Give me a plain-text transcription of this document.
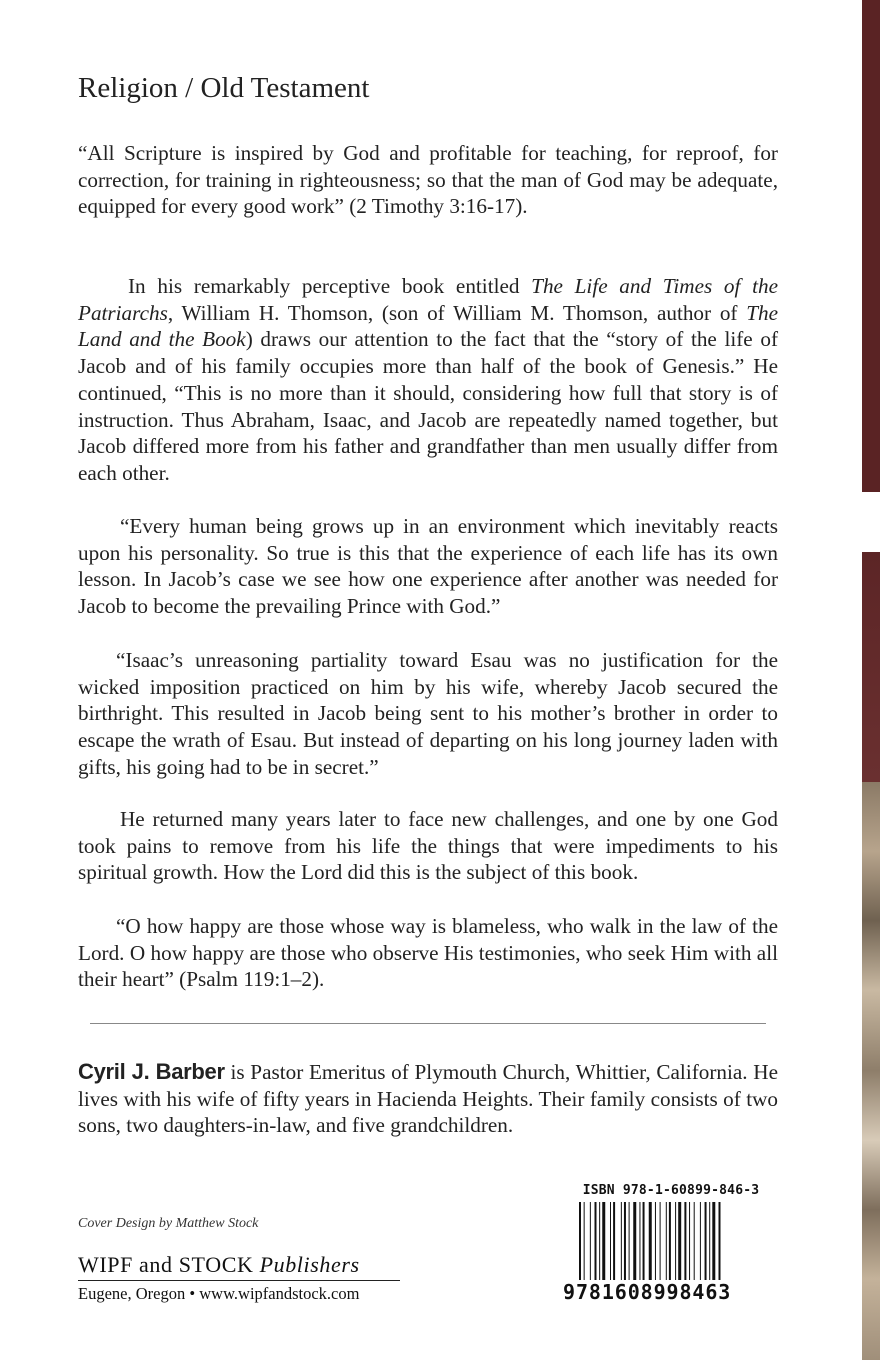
Religion / Old Testament

“All Scripture is inspired by God and profitable for teaching, for reproof, for correction, for training in righteousness; so that the man of God may be adequate, equipped for every good work” (2 Timothy 3:16-17).

In his remarkably perceptive book entitled The Life and Times of the Patriarchs, William H. Thomson, (son of William M. Thomson, author of The Land and the Book) draws our attention to the fact that the “story of the life of Jacob and of his family occupies more than half of the book of Genesis.” He continued, “This is no more than it should, considering how full that story is of instruction. Thus Abraham, Isaac, and Jacob are repeatedly named together, but Jacob differed more from his father and grandfather than men usually differ from each other.

“Every human being grows up in an environment which inevitably reacts upon his personality. So true is this that the experience of each life has its own lesson. In Jacob’s case we see how one experience after another was needed for Jacob to become the prevailing Prince with God.”

“Isaac’s unreasoning partiality toward Esau was no justification for the wicked imposition practiced on him by his wife, whereby Jacob secured the birthright. This resulted in Jacob being sent to his mother’s brother in order to escape the wrath of Esau. But instead of departing on his long journey laden with gifts, his going had to be in secret.”

He returned many years later to face new challenges, and one by one God took pains to remove from his life the things that were impediments to his spiritual growth. How the Lord did this is the subject of this book.

“O how happy are those whose way is blameless, who walk in the law of the Lord. O how happy are those who observe His testimonies, who seek Him with all their heart” (Psalm 119:1–2).

Cyril J. Barber is Pastor Emeritus of Plymouth Church, Whittier, California. He lives with his wife of fifty years in Hacienda Heights. Their family consists of two sons, two daughters-in-law, and five grandchildren.

Cover Design by Matthew Stock
WIPF and STOCK Publishers
Eugene, Oregon • www.wipfandstock.com
ISBN 978-1-60899-846-3
9781608998463
